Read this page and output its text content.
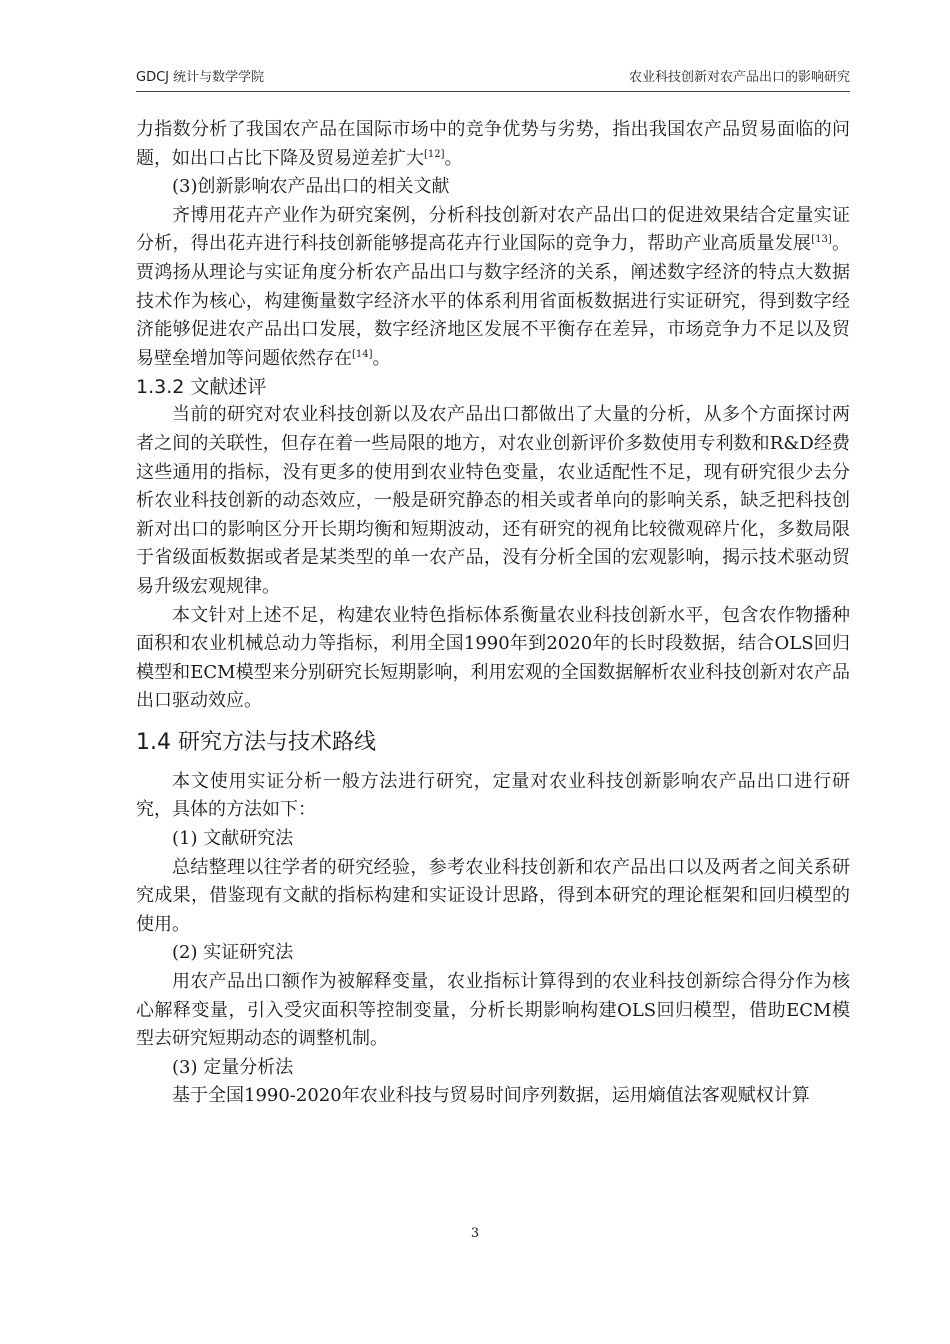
GDCJ 统计与数学学院	农业科技创新对农产品出口的影响研究

力指数分析了我国农产品在国际市场中的竞争优势与劣势，指出我国农产品贸易面临的问题，如出口占比下降及贸易逆差扩大[12]。

(3)创新影响农产品出口的相关文献

齐博用花卉产业作为研究案例，分析科技创新对农产品出口的促进效果结合定量实证分析，得出花卉进行科技创新能够提高花卉行业国际的竞争力，帮助产业高质量发展[13]。贾鸿扬从理论与实证角度分析农产品出口与数字经济的关系，阐述数字经济的特点大数据技术作为核心，构建衡量数字经济水平的体系利用省面板数据进行实证研究，得到数字经济能够促进农产品出口发展，数字经济地区发展不平衡存在差异，市场竞争力不足以及贸易壁垒增加等问题依然存在[14]。

1.3.2 文献述评

当前的研究对农业科技创新以及农产品出口都做出了大量的分析，从多个方面探讨两者之间的关联性，但存在着一些局限的地方，对农业创新评价多数使用专利数和R&D经费这些通用的指标，没有更多的使用到农业特色变量，农业适配性不足，现有研究很少去分析农业科技创新的动态效应，一般是研究静态的相关或者单向的影响关系，缺乏把科技创新对出口的影响区分开长期均衡和短期波动，还有研究的视角比较微观碎片化，多数局限于省级面板数据或者是某类型的单一农产品，没有分析全国的宏观影响，揭示技术驱动贸易升级宏观规律。

本文针对上述不足，构建农业特色指标体系衡量农业科技创新水平，包含农作物播种面积和农业机械总动力等指标，利用全国1990年到2020年的长时段数据，结合OLS回归模型和ECM模型来分别研究长短期影响，利用宏观的全国数据解析农业科技创新对农产品出口驱动效应。

1.4 研究方法与技术路线

本文使用实证分析一般方法进行研究，定量对农业科技创新影响农产品出口进行研究，具体的方法如下：

(1) 文献研究法

总结整理以往学者的研究经验，参考农业科技创新和农产品出口以及两者之间关系研究成果，借鉴现有文献的指标构建和实证设计思路，得到本研究的理论框架和回归模型的使用。

(2) 实证研究法

用农产品出口额作为被解释变量，农业指标计算得到的农业科技创新综合得分作为核心解释变量，引入受灾面积等控制变量，分析长期影响构建OLS回归模型，借助ECM模型去研究短期动态的调整机制。

(3) 定量分析法

基于全国1990-2020年农业科技与贸易时间序列数据，运用熵值法客观赋权计算

3
